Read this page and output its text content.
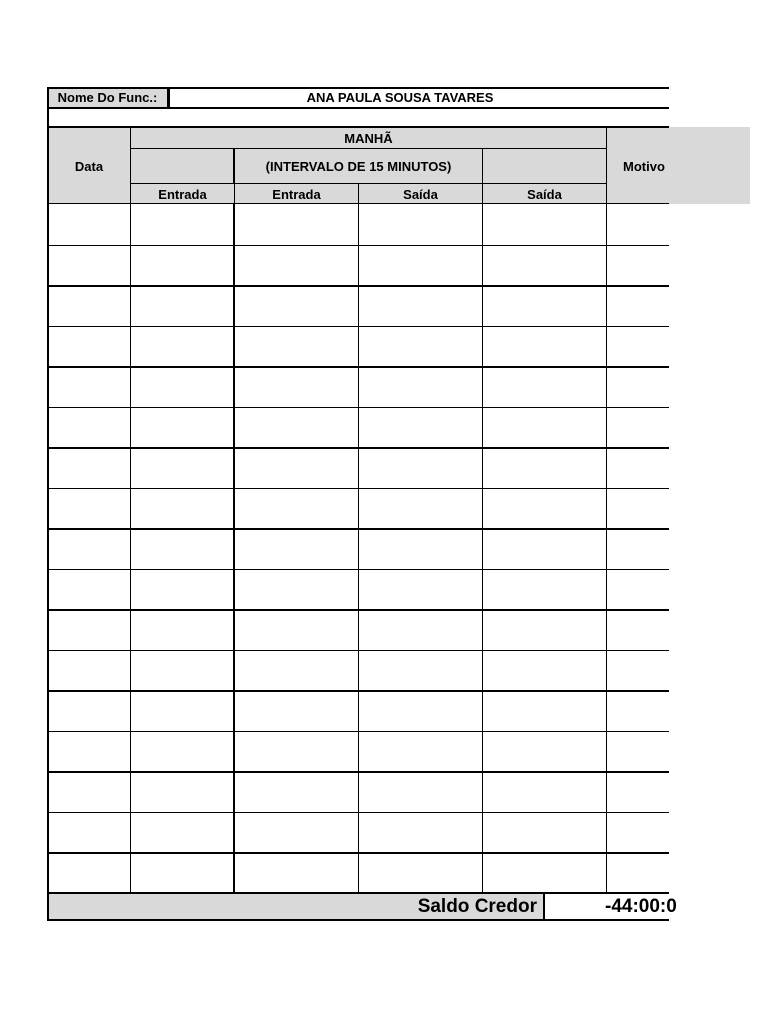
Nome Do Func.:	ANA PAULA SOUSA TAVARES
Data
MANHÃ
(INTERVALO DE 15 MINUTOS)
Entrada	Entrada	Saída	Saída
Motivo
Saldo Credor	-44:00:0
